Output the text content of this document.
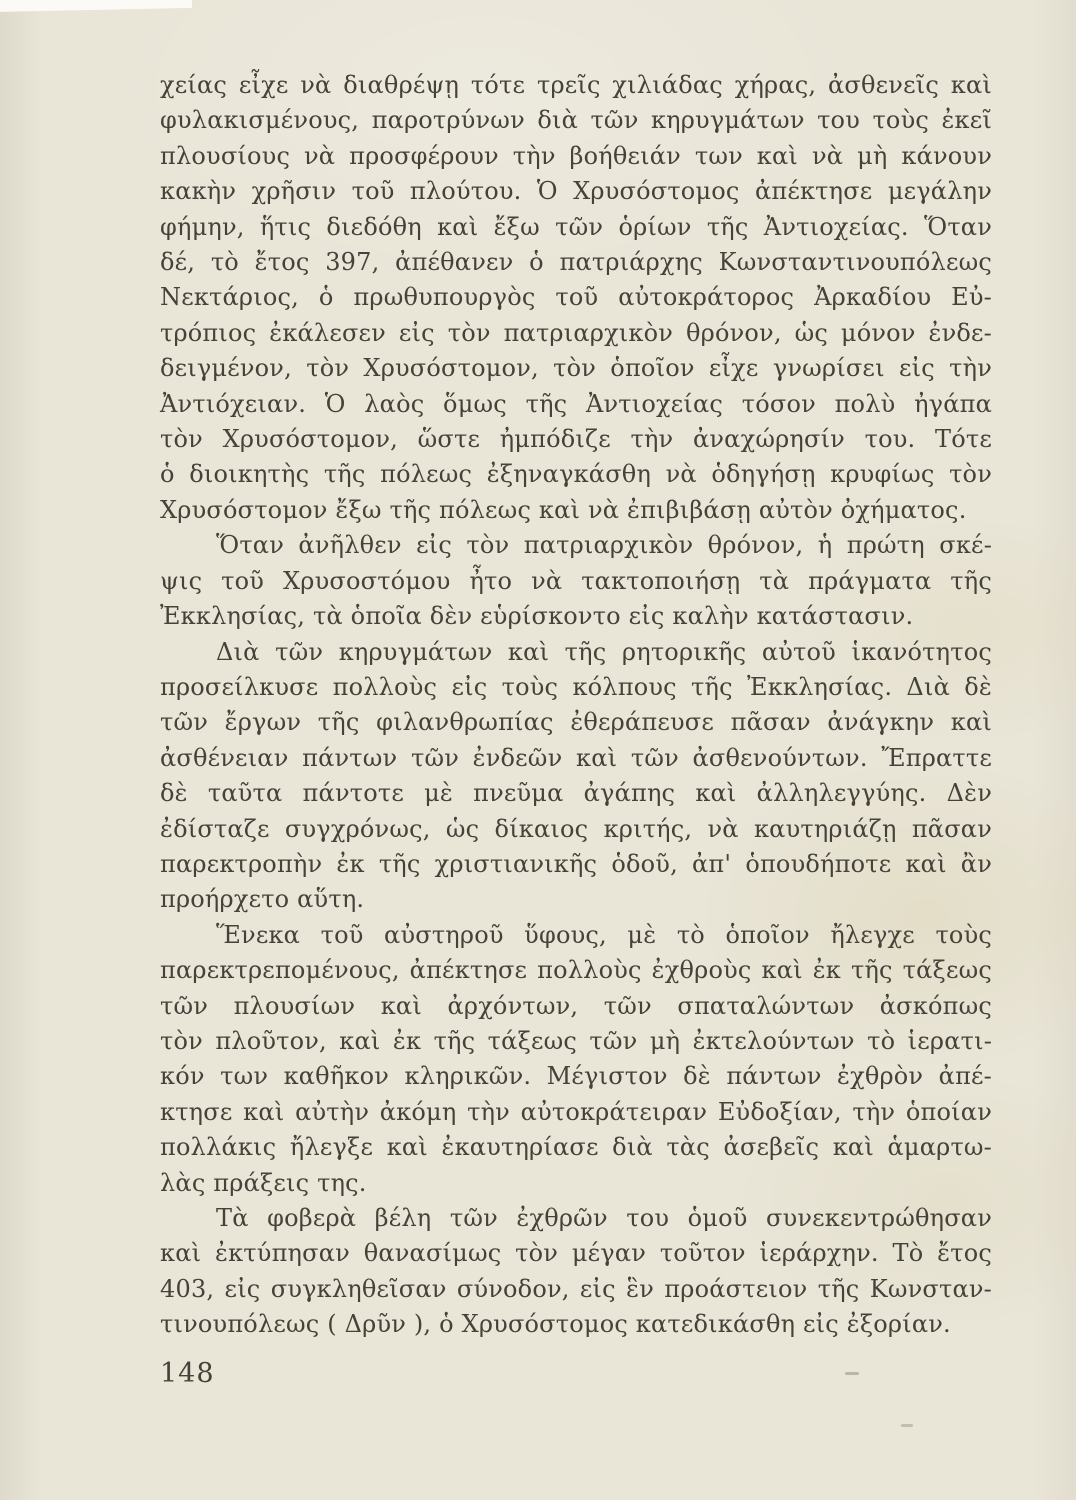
χείας εἶχε νὰ διαθρέψῃ τότε τρεῖς χιλιάδας χήρας, ἀσθενεῖς καὶ
φυλακισμένους, παροτρύνων διὰ τῶν κηρυγμάτων του τοὺς ἐκεῖ
πλουσίους νὰ προσφέρουν τὴν βοήθειάν των καὶ νὰ μὴ κάνουν
κακὴν χρῆσιν τοῦ πλούτου. Ὁ Χρυσόστομος ἀπέκτησε μεγάλην
φήμην, ἥτις διεδόθη καὶ ἔξω τῶν ὁρίων τῆς Ἀντιοχείας. Ὅταν
δέ, τὸ ἔτος 397, ἀπέθανεν ὁ πατριάρχης Κωνσταντινουπόλεως
Νεκτάριος, ὁ πρωθυπουργὸς τοῦ αὐτοκράτορος Ἀρκαδίου Εὐ-
τρόπιος ἐκάλεσεν εἰς τὸν πατριαρχικὸν θρόνον, ὡς μόνον ἐνδε-
δειγμένον, τὸν Χρυσόστομον, τὸν ὁποῖον εἶχε γνωρίσει εἰς τὴν
Ἀντιόχειαν. Ὁ λαὸς ὅμως τῆς Ἀντιοχείας τόσον πολὺ ἠγάπα
τὸν Χρυσόστομον, ὥστε ἠμπόδιζε τὴν ἀναχώρησίν του. Τότε
ὁ διοικητὴς τῆς πόλεως ἐξηναγκάσθη νὰ ὁδηγήσῃ κρυφίως τὸν
Χρυσόστομον ἔξω τῆς πόλεως καὶ νὰ ἐπιβιβάσῃ αὐτὸν ὀχήματος.
Ὅταν ἀνῆλθεν εἰς τὸν πατριαρχικὸν θρόνον, ἡ πρώτη σκέ-
ψις τοῦ Χρυσοστόμου ἦτο νὰ τακτοποιήσῃ τὰ πράγματα τῆς
Ἐκκλησίας, τὰ ὁποῖα δὲν εὑρίσκοντο εἰς καλὴν κατάστασιν.
Διὰ τῶν κηρυγμάτων καὶ τῆς ρητορικῆς αὐτοῦ ἱκανότητος
προσείλκυσε πολλοὺς εἰς τοὺς κόλπους τῆς Ἐκκλησίας. Διὰ δὲ
τῶν ἔργων τῆς φιλανθρωπίας ἐθεράπευσε πᾶσαν ἀνάγκην καὶ
ἀσθένειαν πάντων τῶν ἐνδεῶν καὶ τῶν ἀσθενούντων. Ἔπραττε
δὲ ταῦτα πάντοτε μὲ πνεῦμα ἀγάπης καὶ ἀλληλεγγύης. Δὲν
ἐδίσταζε συγχρόνως, ὡς δίκαιος κριτής, νὰ καυτηριάζῃ πᾶσαν
παρεκτροπὴν ἐκ τῆς χριστιανικῆς ὁδοῦ, ἀπ' ὁπουδήποτε καὶ ἂν
προήρχετο αὕτη.
Ἕνεκα τοῦ αὐστηροῦ ὕφους, μὲ τὸ ὁποῖον ἤλεγχε τοὺς
παρεκτρεπομένους, ἀπέκτησε πολλοὺς ἐχθροὺς καὶ ἐκ τῆς τάξεως
τῶν πλουσίων καὶ ἀρχόντων, τῶν σπαταλώντων ἀσκόπως
τὸν πλοῦτον, καὶ ἐκ τῆς τάξεως τῶν μὴ ἐκτελούντων τὸ ἱερατι-
κόν των καθῆκον κληρικῶν. Μέγιστον δὲ πάντων ἐχθρὸν ἀπέ-
κτησε καὶ αὐτὴν ἀκόμη τὴν αὐτοκράτειραν Εὐδοξίαν, τὴν ὁποίαν
πολλάκις ἤλεγξε καὶ ἐκαυτηρίασε διὰ τὰς ἀσεβεῖς καὶ ἁμαρτω-
λὰς πράξεις της.
Τὰ φοβερὰ βέλη τῶν ἐχθρῶν του ὁμοῦ συνεκεντρώθησαν
καὶ ἐκτύπησαν θανασίμως τὸν μέγαν τοῦτον ἱεράρχην. Τὸ ἔτος
403, εἰς συγκληθεῖσαν σύνοδον, εἰς ἓν προάστειον τῆς Κωνσταν-
τινουπόλεως ( Δρῦν ), ὁ Χρυσόστομος κατεδικάσθη εἰς ἐξορίαν.
148
